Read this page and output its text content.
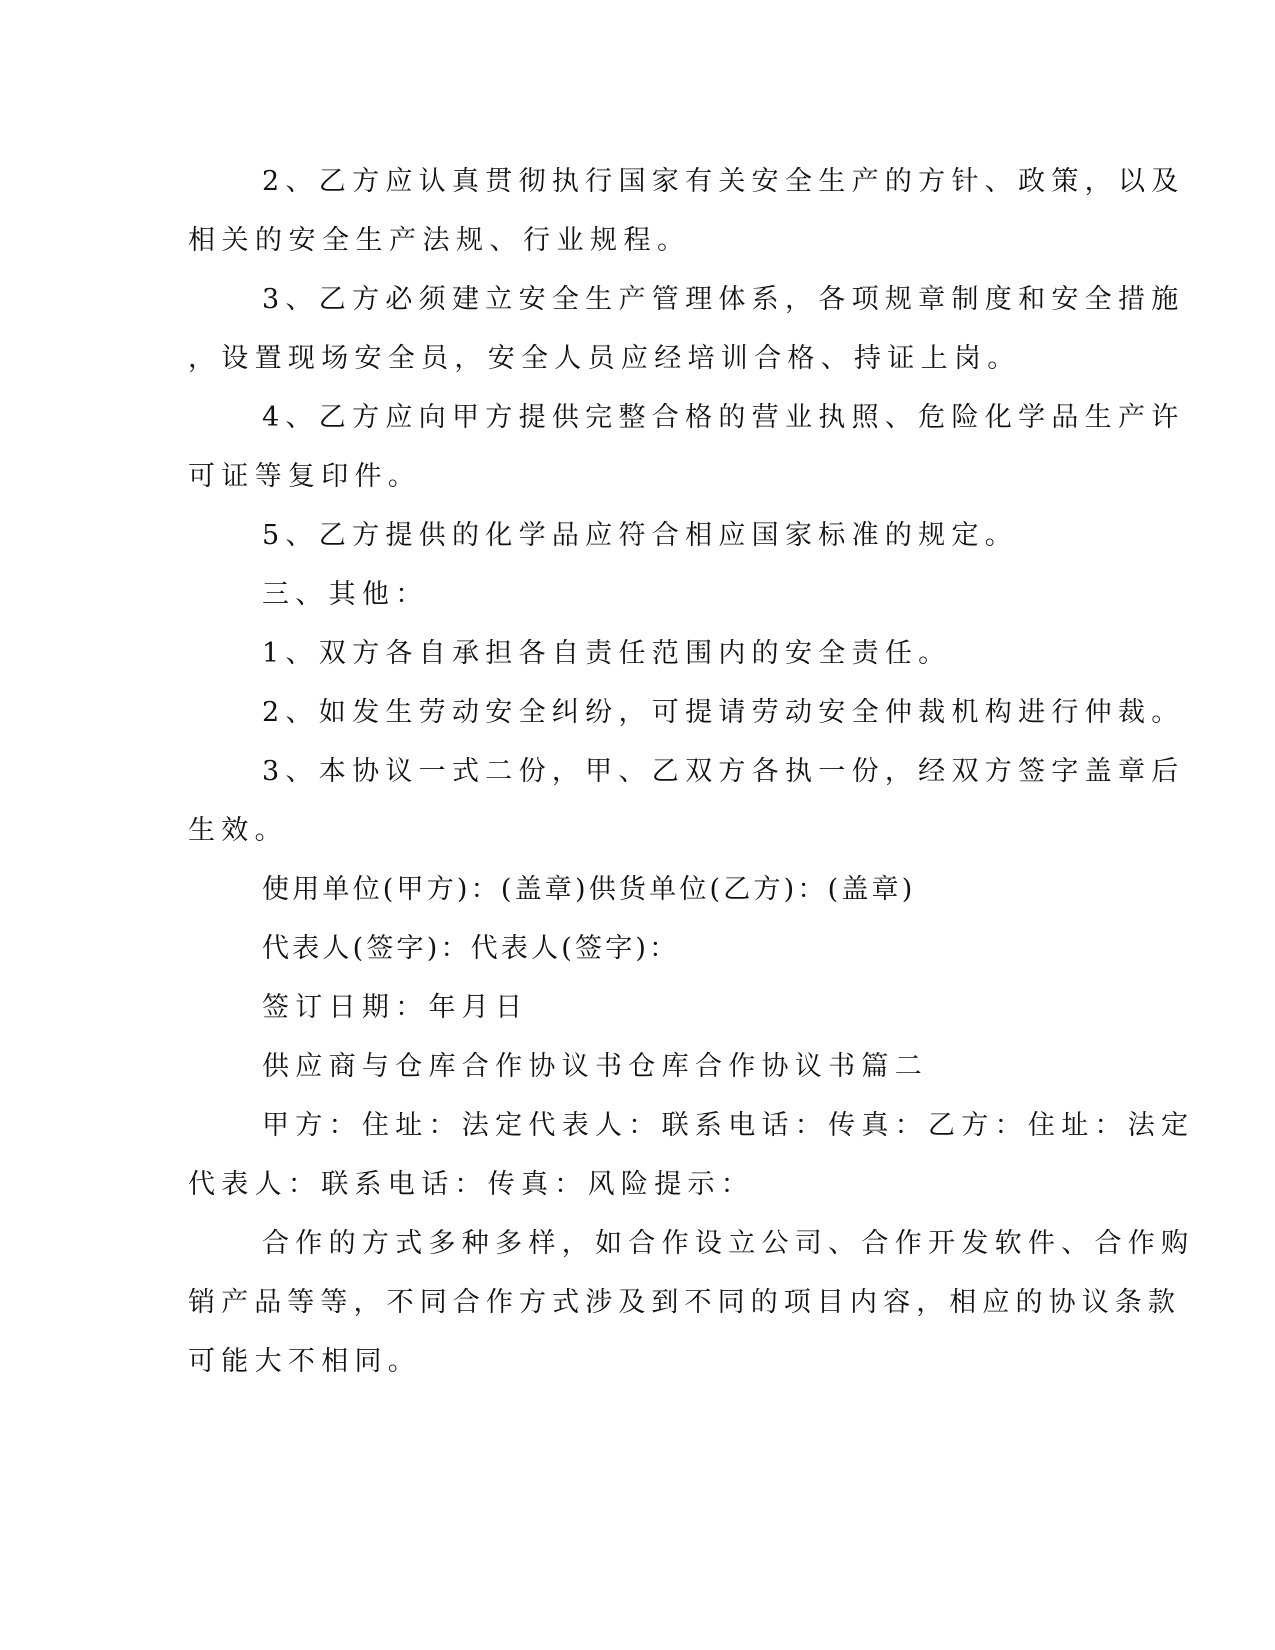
2、乙方应认真贯彻执行国家有关安全生产的方针、政策，以及
相关的安全生产法规、行业规程。
3、乙方必须建立安全生产管理体系，各项规章制度和安全措施
，设置现场安全员，安全人员应经培训合格、持证上岗。
4、乙方应向甲方提供完整合格的营业执照、危险化学品生产许
可证等复印件。
5、乙方提供的化学品应符合相应国家标准的规定。
三、其他：
1、双方各自承担各自责任范围内的安全责任。
2、如发生劳动安全纠纷，可提请劳动安全仲裁机构进行仲裁。
3、本协议一式二份，甲、乙双方各执一份，经双方签字盖章后
生效。
使用单位(甲方)：(盖章)供货单位(乙方)：(盖章)
代表人(签字)：代表人(签字)：
签订日期：年月日
供应商与仓库合作协议书仓库合作协议书篇二
甲方：住址：法定代表人：联系电话：传真：乙方：住址：法定
代表人：联系电话：传真：风险提示：
合作的方式多种多样，如合作设立公司、合作开发软件、合作购
销产品等等，不同合作方式涉及到不同的项目内容，相应的协议条款
可能大不相同。
